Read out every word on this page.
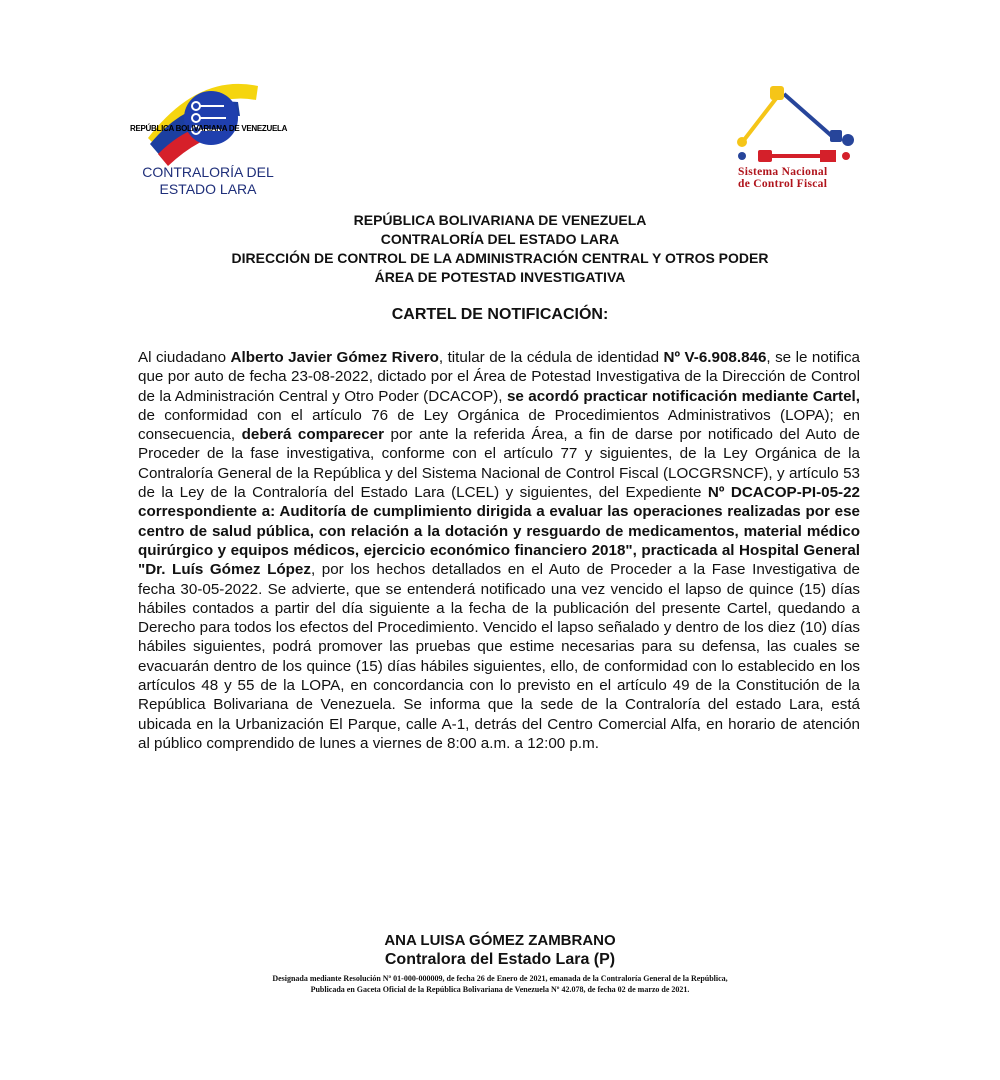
REPÚBLICA BOLIVARIANA DE VENEZUELA
CONTRALORÍA DEL
ESTADO LARA
Sistema Nacional
de Control Fiscal
REPÚBLICA BOLIVARIANA DE VENEZUELA
CONTRALORÍA DEL ESTADO LARA
DIRECCIÓN DE CONTROL DE LA ADMINISTRACIÓN CENTRAL Y OTROS PODER
ÁREA DE POTESTAD INVESTIGATIVA
CARTEL DE NOTIFICACIÓN:
Al ciudadano Alberto Javier Gómez Rivero, titular de la cédula de identidad Nº V-6.908.846, se le notifica que por auto de fecha 23-08-2022, dictado por el Área de Potestad Investigativa de la Dirección de Control de la Administración Central y Otro Poder (DCACOP), se acordó practicar notificación mediante Cartel, de conformidad con el artículo 76 de Ley Orgánica de Procedimientos Administrativos (LOPA); en consecuencia, deberá comparecer por ante la referida Área, a fin de darse por notificado del Auto de Proceder de la fase investigativa, conforme con el artículo 77 y siguientes, de la Ley Orgánica de la Contraloría General de la República y del Sistema Nacional de Control Fiscal (LOCGRSNCF), y artículo 53 de la Ley de la Contraloría del Estado Lara (LCEL) y siguientes, del Expediente Nº DCACOP-PI-05-22 correspondiente a: Auditoría de cumplimiento dirigida a evaluar las operaciones realizadas por ese centro de salud pública, con relación a la dotación y resguardo de medicamentos, material médico quirúrgico y equipos médicos, ejercicio económico financiero 2018", practicada al Hospital General "Dr. Luís Gómez López, por los hechos detallados en el Auto de Proceder a la Fase Investigativa de fecha 30-05-2022. Se advierte, que se entenderá notificado una vez vencido el lapso de quince (15) días hábiles contados a partir del día siguiente a la fecha de la publicación del presente Cartel, quedando a Derecho para todos los efectos del Procedimiento. Vencido el lapso señalado y dentro de los diez (10) días hábiles siguientes, podrá promover las pruebas que estime necesarias para su defensa, las cuales se evacuarán dentro de los quince (15) días hábiles siguientes, ello, de conformidad con lo establecido en los artículos 48 y 55 de la LOPA, en concordancia con lo previsto en el artículo 49 de la Constitución de la República Bolivariana de Venezuela. Se informa que la sede de la Contraloría del estado Lara, está ubicada en la Urbanización El Parque, calle A-1, detrás del Centro Comercial Alfa, en horario de atención al público comprendido de lunes a viernes de 8:00 a.m. a 12:00 p.m.
ANA LUISA GÓMEZ ZAMBRANO
Contralora del Estado Lara (P)
Designada mediante Resolución Nº 01-000-000009, de fecha 26 de Enero de 2021, emanada de la Contraloría General de la República,
Publicada en Gaceta Oficial de la República Bolivariana de Venezuela Nº 42.078, de fecha 02 de marzo de 2021.
